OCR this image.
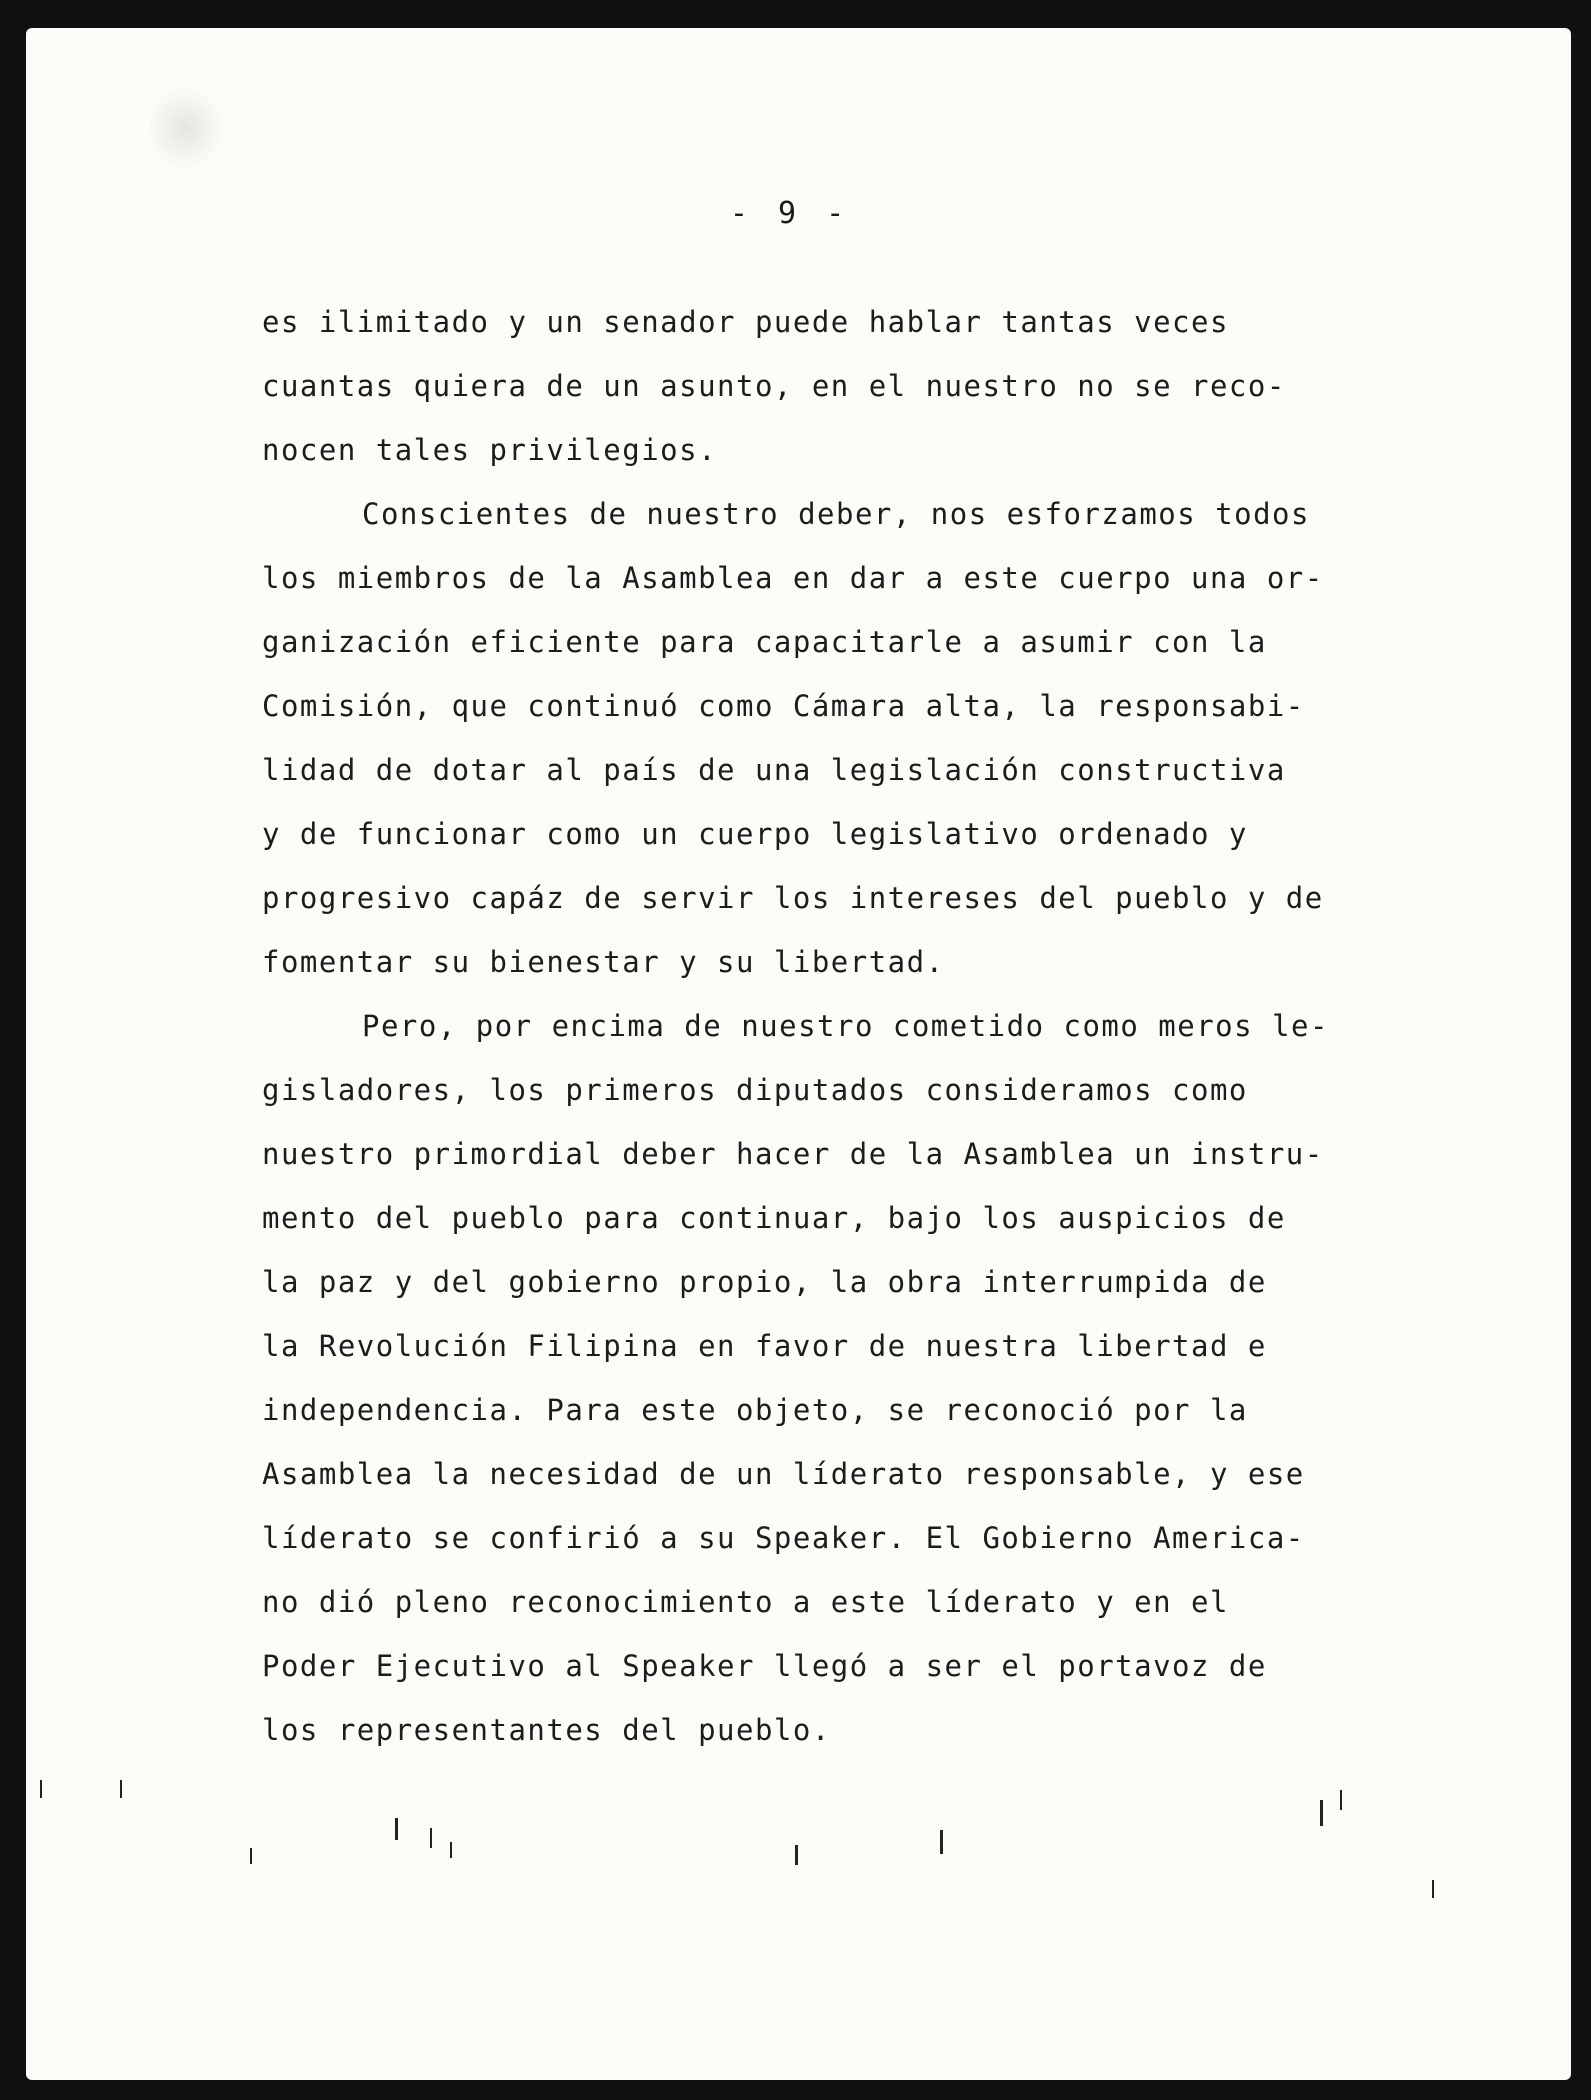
- 9 -
es ilimitado y un senador puede hablar tantas veces
cuantas quiera de un asunto, en el nuestro no se reco-
nocen tales privilegios.
Conscientes de nuestro deber, nos esforzamos todos
los miembros de la Asamblea en dar a este cuerpo una or-
ganización eficiente para capacitarle a asumir con la
Comisión, que continuó como Cámara alta, la responsabi-
lidad de dotar al país de una legislación constructiva
y de funcionar como un cuerpo legislativo ordenado y
progresivo capáz de servir los intereses del pueblo y de
fomentar su bienestar y su libertad.
Pero, por encima de nuestro cometido como meros le-
gisladores, los primeros diputados consideramos como
nuestro primordial deber hacer de la Asamblea un instru-
mento del pueblo para continuar, bajo los auspicios de
la paz y del gobierno propio, la obra interrumpida de
la Revolución Filipina en favor de nuestra libertad e
independencia. Para este objeto, se reconoció por la
Asamblea la necesidad de un líderato responsable, y ese
líderato se confirió a su Speaker. El Gobierno America-
no dió pleno reconocimiento a este líderato y en el
Poder Ejecutivo al Speaker llegó a ser el portavoz de
los representantes del pueblo.
